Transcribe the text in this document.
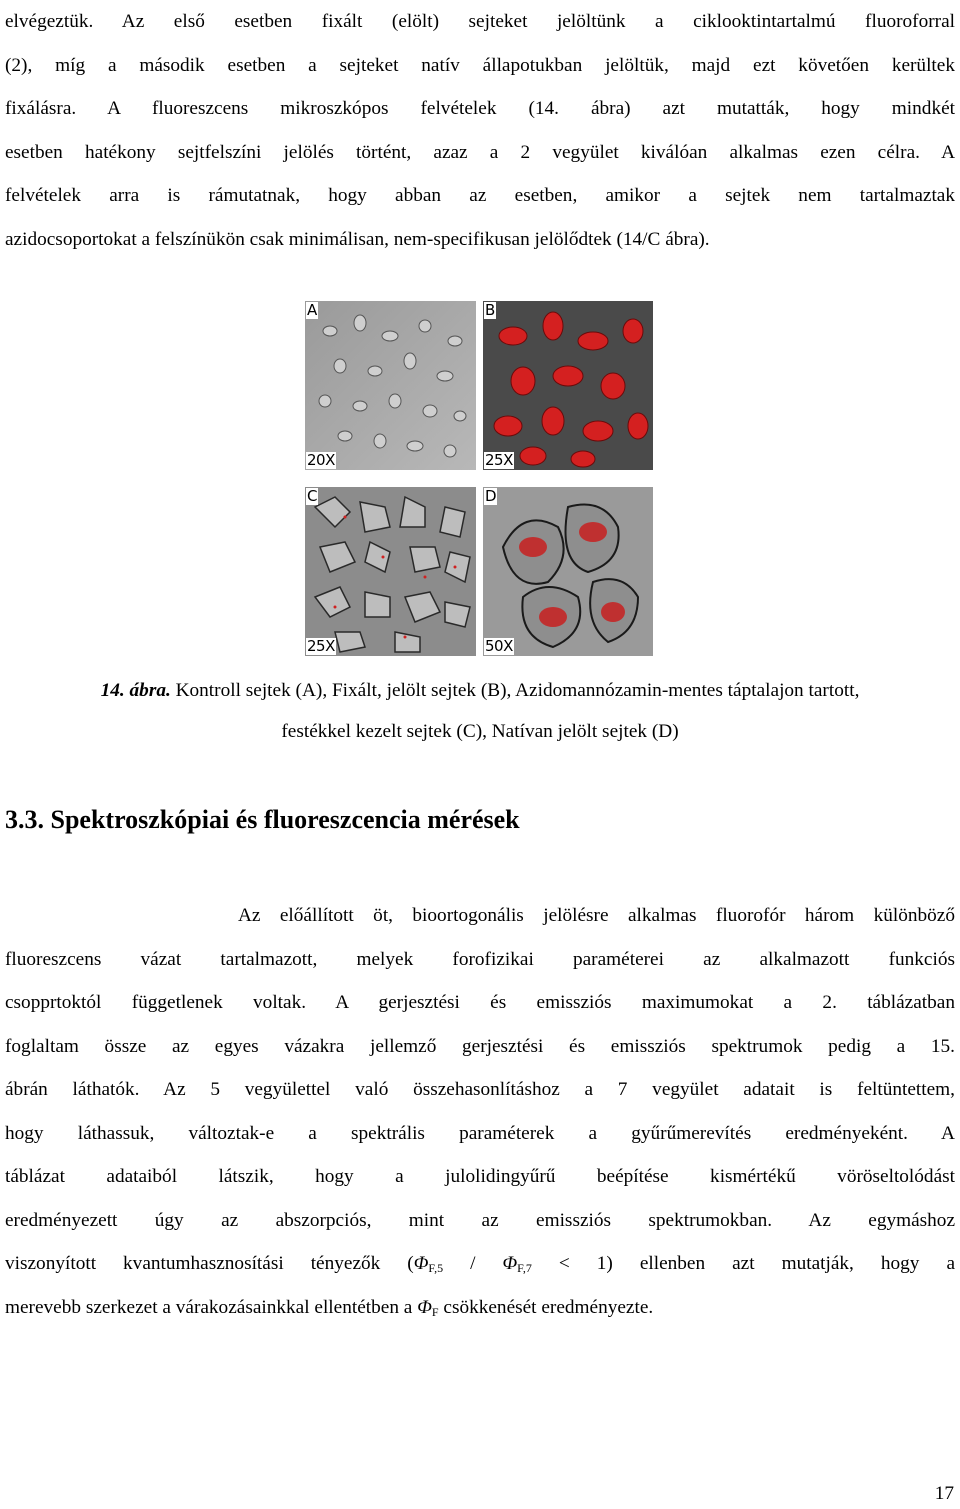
elvégeztük. Az első esetben fixált (elölt) sejteket jelöltünk a ciklooktintartalmú fluoroforral
(2), míg a második esetben a sejteket natív állapotukban jelöltük, majd ezt követően kerültek
fixálásra. A fluoreszcens mikroszkópos felvételek (14. ábra) azt mutatták, hogy mindkét
esetben hatékony sejtfelszíni jelölés történt, azaz a 2 vegyület kiválóan alkalmas ezen célra. A
felvételek arra is rámutatnak, hogy abban az esetben, amikor a sejtek nem tartalmaztak
azidocsoportokat a felszínükön csak minimálisan, nem-specifikusan jelölődtek (14/C ábra).
A
20X
B
25X
C
25X
D
50X
14. ábra. Kontroll sejtek (A), Fixált, jelölt sejtek (B), Azidomannózamin-mentes táptalajon tartott,
festékkel kezelt sejtek (C), Natívan jelölt sejtek (D)
3.3. Spektroszkópiai és fluoreszcencia mérések
Az előállított öt, bioortogonális jelölésre alkalmas fluorofór három különböző
fluoreszcens vázat tartalmazott, melyek forofizikai paraméterei az alkalmazott funkciós
csopprtoktól függetlenek voltak. A gerjesztési és emissziós maximumokat a 2. táblázatban
foglaltam össze az egyes vázakra jellemző gerjesztési és emissziós spektrumok pedig a 15.
ábrán láthatók. Az 5 vegyülettel való összehasonlításhoz a 7 vegyület adatait is feltüntettem,
hogy láthassuk, változtak-e a spektrális paraméterek a gyűrűmerevítés eredményeként. A
táblázat adataiból látszik, hogy a julolidingyűrű beépítése kismértékű vöröseltolódást
eredményezett úgy az abszorpciós, mint az emissziós spektrumokban. Az egymáshoz
viszonyított kvantumhasznosítási tényezők $(\Phi_{F,5} / \Phi_{F,7} < 1)$ ellenben azt mutatják, hogy a
merevebb szerkezet a várakozásainkkal ellentétben a $\Phi_F$ csökkenését eredményezte.
17
